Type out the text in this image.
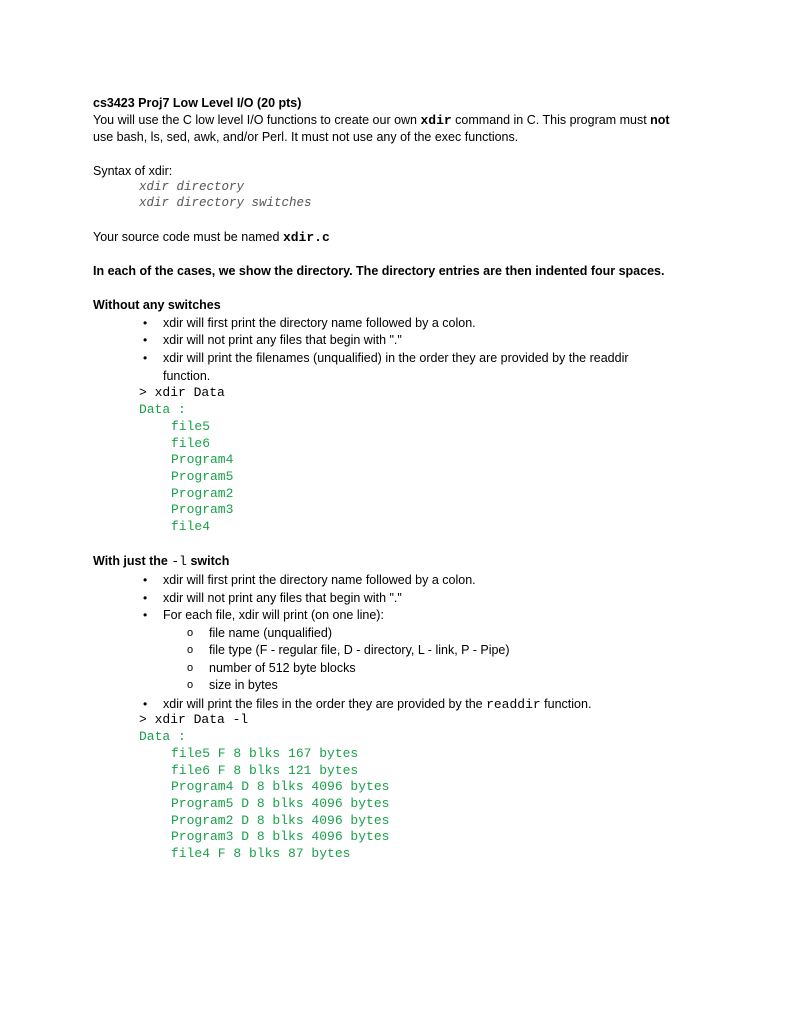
cs3423 Proj7 Low Level I/O (20 pts)
You will use the C low level I/O functions to create our own xdir command in C. This program must not
use bash, ls, sed, awk, and/or Perl. It must not use any of the exec functions.
Syntax of xdir:
xdir directory
xdir directory switches
Your source code must be named xdir.c
In each of the cases, we show the directory. The directory entries are then indented four spaces.
Without any switches
• xdir will first print the directory name followed by a colon.
• xdir will not print any files that begin with "."
• xdir will print the filenames (unqualified) in the order they are provided by the readdir
function.
> xdir Data
Data :
file5
file6
Program4
Program5
Program2
Program3
file4
With just the -l switch
• xdir will first print the directory name followed by a colon.
• xdir will not print any files that begin with "."
• For each file, xdir will print (on one line):
o file name (unqualified)
o file type (F - regular file, D - directory, L - link, P - Pipe)
o number of 512 byte blocks
o size in bytes
• xdir will print the files in the order they are provided by the readdir function.
> xdir Data -l
Data :
file5 F 8 blks 167 bytes
file6 F 8 blks 121 bytes
Program4 D 8 blks 4096 bytes
Program5 D 8 blks 4096 bytes
Program2 D 8 blks 4096 bytes
Program3 D 8 blks 4096 bytes
file4 F 8 blks 87 bytes
